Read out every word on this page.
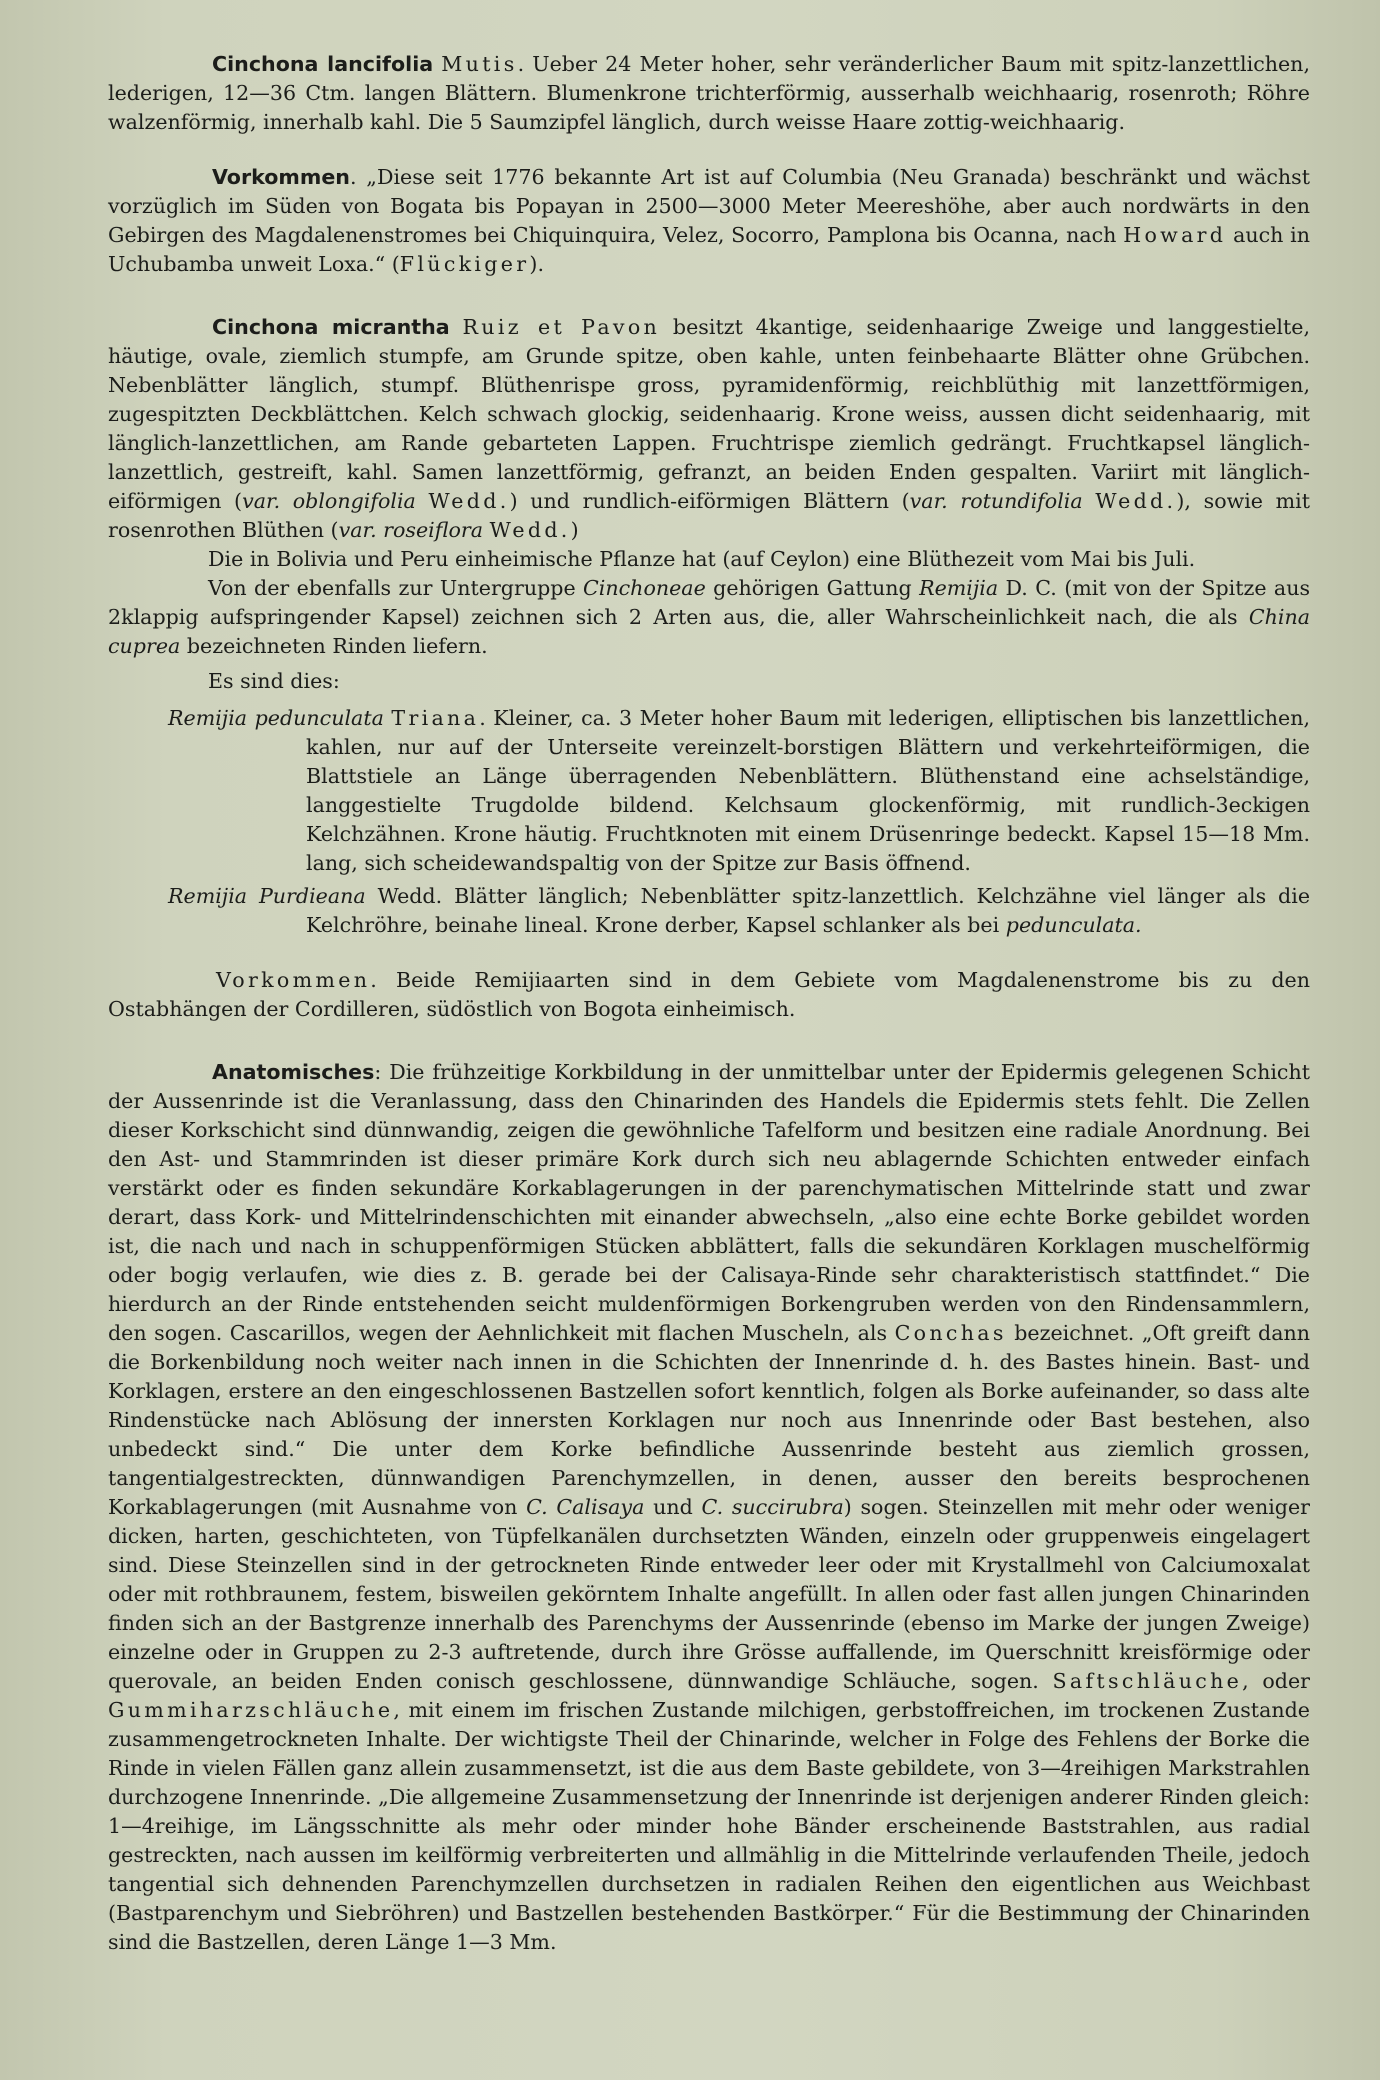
Cinchona lancifolia Mutis. Ueber 24 Meter hoher, sehr veränderlicher Baum mit spitz-lanzettlichen, lederigen, 12—36 Ctm. langen Blättern. Blumenkrone trichterförmig, ausserhalb weichhaarig, rosenroth; Röhre walzenförmig, innerhalb kahl. Die 5 Saumzipfel länglich, durch weisse Haare zottig-weichhaarig.

Vorkommen. „Diese seit 1776 bekannte Art ist auf Columbia (Neu Granada) beschränkt und wächst vorzüglich im Süden von Bogata bis Popayan in 2500—3000 Meter Meereshöhe, aber auch nordwärts in den Gebirgen des Magdalenenstromes bei Chiquinquira, Velez, Socorro, Pamplona bis Ocanna, nach Howard auch in Uchubamba unweit Loxa.“ (Flückiger).

Cinchona micrantha Ruiz et Pavon besitzt 4kantige, seidenhaarige Zweige und langgestielte, häutige, ovale, ziemlich stumpfe, am Grunde spitze, oben kahle, unten feinbehaarte Blätter ohne Grübchen. Nebenblätter länglich, stumpf. Blüthenrispe gross, pyramidenförmig, reichblüthig mit lanzettförmigen, zugespitzten Deckblättchen. Kelch schwach glockig, seidenhaarig. Krone weiss, aussen dicht seidenhaarig, mit länglich-lanzettlichen, am Rande gebarteten Lappen. Fruchtrispe ziemlich gedrängt. Fruchtkapsel länglich-lanzettlich, gestreift, kahl. Samen lanzettförmig, gefranzt, an beiden Enden gespalten. Variirt mit länglich-eiförmigen (var. oblongifolia Wedd.) und rundlich-eiförmigen Blättern (var. rotundifolia Wedd.), sowie mit rosenrothen Blüthen (var. roseiflora Wedd.)

Die in Bolivia und Peru einheimische Pflanze hat (auf Ceylon) eine Blüthezeit vom Mai bis Juli.

Von der ebenfalls zur Untergruppe Cinchoneae gehörigen Gattung Remijia D. C. (mit von der Spitze aus 2klappig aufspringender Kapsel) zeichnen sich 2 Arten aus, die, aller Wahrscheinlichkeit nach, die als China cuprea bezeichneten Rinden liefern.

Es sind dies:

Remijia pedunculata Triana. Kleiner, ca. 3 Meter hoher Baum mit lederigen, elliptischen bis lanzettlichen, kahlen, nur auf der Unterseite vereinzelt-borstigen Blättern und verkehrteiförmigen, die Blattstiele an Länge überragenden Nebenblättern. Blüthenstand eine achselständige, langgestielte Trugdolde bildend. Kelchsaum glockenförmig, mit rundlich-3eckigen Kelchzähnen. Krone häutig. Fruchtknoten mit einem Drüsenringe bedeckt. Kapsel 15—18 Mm. lang, sich scheidewandspaltig von der Spitze zur Basis öffnend.

Remijia Purdieana Wedd. Blätter länglich; Nebenblätter spitz-lanzettlich. Kelchzähne viel länger als die Kelchröhre, beinahe lineal. Krone derber, Kapsel schlanker als bei pedunculata.

Vorkommen. Beide Remijiaarten sind in dem Gebiete vom Magdalenenstrome bis zu den Ostabhängen der Cordilleren, südöstlich von Bogota einheimisch.

Anatomisches: Die frühzeitige Korkbildung in der unmittelbar unter der Epidermis gelegenen Schicht der Aussenrinde ist die Veranlassung, dass den Chinarinden des Handels die Epidermis stets fehlt. Die Zellen dieser Korkschicht sind dünnwandig, zeigen die gewöhnliche Tafelform und besitzen eine radiale Anordnung. Bei den Ast- und Stammrinden ist dieser primäre Kork durch sich neu ablagernde Schichten entweder einfach verstärkt oder es finden sekundäre Korkablagerungen in der parenchymatischen Mittelrinde statt und zwar derart, dass Kork- und Mittelrindenschichten mit einander abwechseln, „also eine echte Borke gebildet worden ist, die nach und nach in schuppenförmigen Stücken abblättert, falls die sekundären Korklagen muschelförmig oder bogig verlaufen, wie dies z. B. gerade bei der Calisaya-Rinde sehr charakteristisch stattfindet.“ Die hierdurch an der Rinde entstehenden seicht muldenförmigen Borkengruben werden von den Rindensammlern, den sogen. Cascarillos, wegen der Aehnlichkeit mit flachen Muscheln, als Conchas bezeichnet. „Oft greift dann die Borkenbildung noch weiter nach innen in die Schichten der Innenrinde d. h. des Bastes hinein. Bast- und Korklagen, erstere an den eingeschlossenen Bastzellen sofort kenntlich, folgen als Borke aufeinander, so dass alte Rindenstücke nach Ablösung der innersten Korklagen nur noch aus Innenrinde oder Bast bestehen, also unbedeckt sind.“ Die unter dem Korke befindliche Aussenrinde besteht aus ziemlich grossen, tangentialgestreckten, dünnwandigen Parenchymzellen, in denen, ausser den bereits besprochenen Korkablagerungen (mit Ausnahme von C. Calisaya und C. succirubra) sogen. Steinzellen mit mehr oder weniger dicken, harten, geschichteten, von Tüpfelkanälen durchsetzten Wänden, einzeln oder gruppenweis eingelagert sind. Diese Steinzellen sind in der getrockneten Rinde entweder leer oder mit Krystallmehl von Calciumoxalat oder mit rothbraunem, festem, bisweilen gekörntem Inhalte angefüllt. In allen oder fast allen jungen Chinarinden finden sich an der Bastgrenze innerhalb des Parenchyms der Aussenrinde (ebenso im Marke der jungen Zweige) einzelne oder in Gruppen zu 2-3 auftretende, durch ihre Grösse auffallende, im Querschnitt kreisförmige oder querovale, an beiden Enden conisch geschlossene, dünnwandige Schläuche, sogen. Saftschläuche, oder Gummiharzschläuche, mit einem im frischen Zustande milchigen, gerbstoffreichen, im trockenen Zustande zusammengetrockneten Inhalte. Der wichtigste Theil der Chinarinde, welcher in Folge des Fehlens der Borke die Rinde in vielen Fällen ganz allein zusammensetzt, ist die aus dem Baste gebildete, von 3—4reihigen Markstrahlen durchzogene Innenrinde. „Die allgemeine Zusammensetzung der Innenrinde ist derjenigen anderer Rinden gleich: 1—4reihige, im Längsschnitte als mehr oder minder hohe Bänder erscheinende Baststrahlen, aus radial gestreckten, nach aussen im keilförmig verbreiterten und allmählig in die Mittelrinde verlaufenden Theile, jedoch tangential sich dehnenden Parenchymzellen durchsetzen in radialen Reihen den eigentlichen aus Weichbast (Bastparenchym und Siebröhren) und Bastzellen bestehenden Bastkörper.“ Für die Bestimmung der Chinarinden sind die Bastzellen, deren Länge 1—3 Mm.
